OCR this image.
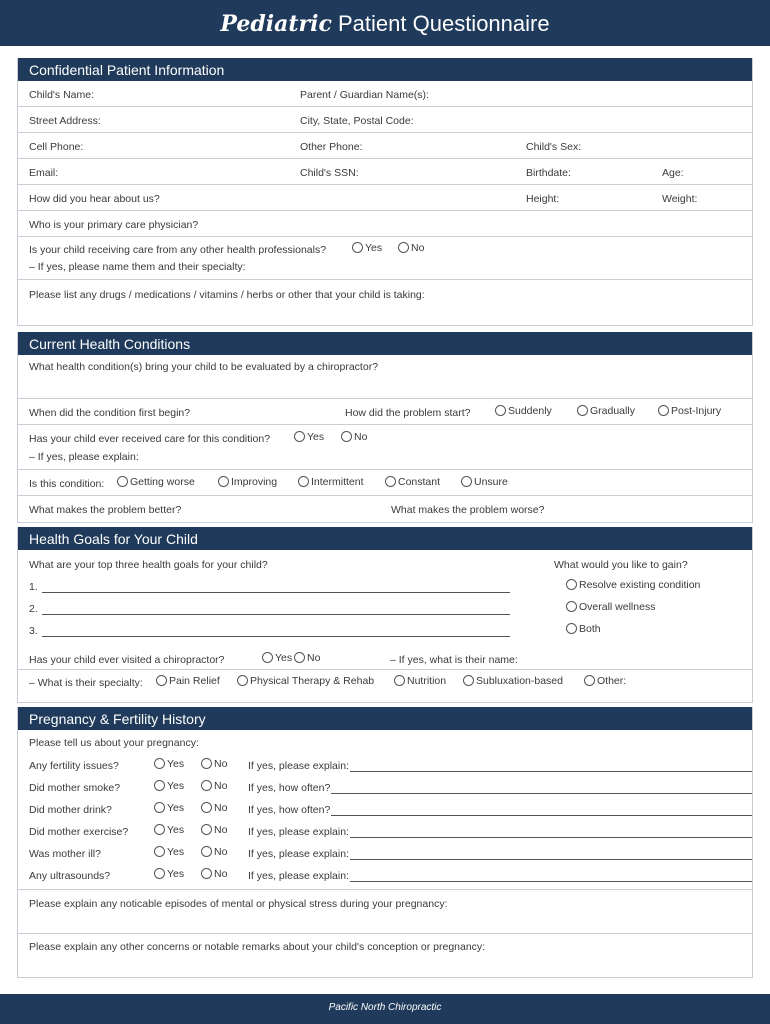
Pediatric Patient Questionnaire
Confidential Patient Information
Child's Name:	Parent / Guardian Name(s):
Street Address:	City, State, Postal Code:
Cell Phone:	Other Phone:	Child's Sex:
Email:	Child's SSN:	Birthdate:	Age:
How did you hear about us?	Height:	Weight:
Who is your primary care physician?
Is your child receiving care from any other health professionals?	Yes	No
– If yes, please name them and their specialty:
Please list any drugs / medications / vitamins / herbs or other that your child is taking:
Current Health Conditions
What health condition(s) bring your child to be evaluated by a chiropractor?
When did the condition first begin?	How did the problem start?	Suddenly	Gradually	Post-Injury
Has your child ever received care for this condition?	Yes	No
– If yes, please explain:
Is this condition:	Getting worse	Improving	Intermittent	Constant	Unsure
What makes the problem better?	What makes the problem worse?
Health Goals for Your Child
What are your top three health goals for your child?	What would you like to gain?
1.
2.
3.
Resolve existing condition
Overall wellness
Both
Has your child ever visited a chiropractor?	Yes	No	– If yes, what is their name:
– What is their specialty:	Pain Relief	Physical Therapy & Rehab	Nutrition	Subluxation-based	Other:
Pregnancy & Fertility History
Please tell us about your pregnancy:
Any fertility issues?	Yes	No If yes, please explain:
Did mother smoke?	Yes	No If yes, how often?
Did mother drink?	Yes	No If yes, how often?
Did mother exercise?	Yes	No If yes, please explain:
Was mother ill?	Yes	No If yes, please explain:
Any ultrasounds?	Yes	No If yes, please explain:
Please explain any noticable episodes of mental or physical stress during your pregnancy:
Please explain any other concerns or notable remarks about your child's conception or pregnancy:
Pacific North Chiropractic
